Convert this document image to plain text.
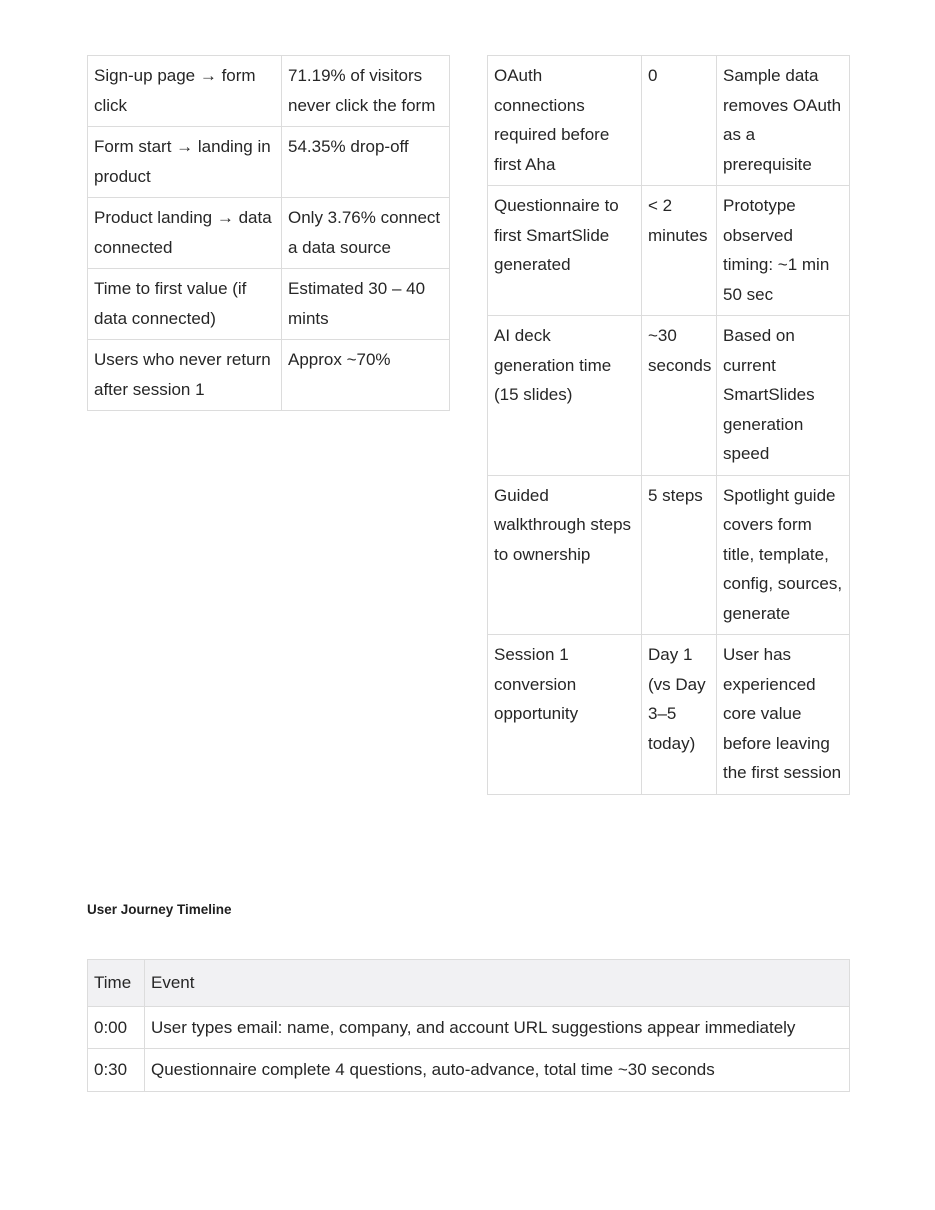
Sign-up page → form click	71.19% of visitors never click the form
Form start → landing in product	54.35% drop-off
Product landing → data connected	Only 3.76% connect a data source
Time to first value (if data connected)	Estimated 30 – 40 mints
Users who never return after session 1	Approx ~70%
OAuth connections required before first Aha	0	Sample data removes OAuth as a prerequisite
Questionnaire to first SmartSlide generated	< 2 minutes	Prototype observed timing: ~1 min 50 sec
AI deck generation time (15 slides)	~30 seconds	Based on current SmartSlides generation speed
Guided walkthrough steps to ownership	5 steps	Spotlight guide covers form title, template, config, sources, generate
Session 1 conversion opportunity	Day 1 (vs Day 3–5 today)	User has experienced core value before leaving the first session
User Journey Timeline
Time	Event
0:00	User types email: name, company, and account URL suggestions appear immediately
0:30	Questionnaire complete 4 questions, auto-advance, total time ~30 seconds
